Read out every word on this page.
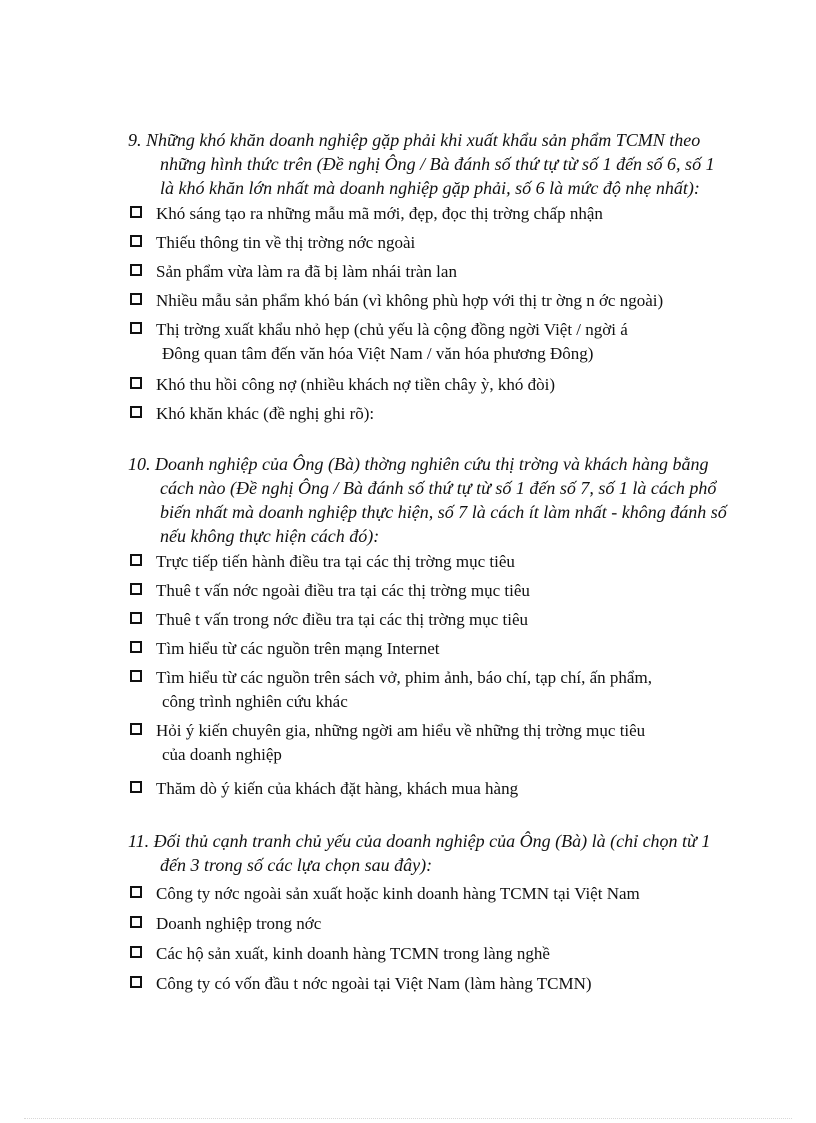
9. Những khó khăn doanh nghiệp gặp phải khi xuất khẩu sản phẩm TCMN theo những hình thức trên (Đề nghị Ông / Bà đánh số thứ tự từ số 1 đến số 6, số 1 là khó khăn lớn nhất mà doanh nghiệp gặp phải, số 6 là mức độ nhẹ nhất):
Khó sáng tạo ra những mẫu mã mới, đẹp, đọc thị trờng chấp nhận
Thiếu thông tin về thị trờng nớc ngoài
Sản phẩm vừa làm ra đã bị làm nhái tràn lan
Nhiều mẫu sản phẩm khó bán (vì không phù hợp với thị tr ờng n ớc ngoài)
Thị trờng xuất khẩu nhỏ hẹp (chủ yếu là cộng đồng ngời Việt / ngời á
Đông quan tâm đến văn hóa Việt Nam / văn hóa phương Đông)
Khó thu hồi công nợ (nhiều khách nợ tiền chây ỳ, khó đòi)
Khó khăn khác (đề nghị ghi rõ):
10. Doanh nghiệp của Ông (Bà) thờng nghiên cứu thị trờng và khách hàng bằng cách nào (Đề nghị Ông / Bà đánh số thứ tự từ số 1 đến số 7, số 1 là cách phổ biến nhất mà doanh nghiệp thực hiện, số 7 là cách ít làm nhất - không đánh số nếu không thực hiện cách đó):
Trực tiếp tiến hành điều tra tại các thị trờng mục tiêu
Thuê t vấn nớc ngoài điều tra tại các thị trờng mục tiêu
Thuê t vấn trong nớc điều tra tại các thị trờng mục tiêu
Tìm hiểu từ các nguồn trên mạng Internet
Tìm hiểu từ các nguồn trên sách vở, phim ảnh, báo chí, tạp chí, ấn phẩm,
công trình nghiên cứu khác
Hỏi ý kiến chuyên gia, những ngời am hiểu về những thị trờng mục tiêu
của doanh nghiệp
Thăm dò ý kiến của khách đặt hàng, khách mua hàng
11. Đối thủ cạnh tranh chủ yếu của doanh nghiệp của Ông (Bà) là (chỉ chọn từ 1 đến 3 trong số các lựa chọn sau đây):
Công ty nớc ngoài sản xuất hoặc kinh doanh hàng TCMN tại Việt Nam
Doanh nghiệp trong nớc
Các hộ sản xuất, kinh doanh hàng TCMN trong làng nghề
Công ty có vốn đầu t nớc ngoài tại Việt Nam (làm hàng TCMN)
